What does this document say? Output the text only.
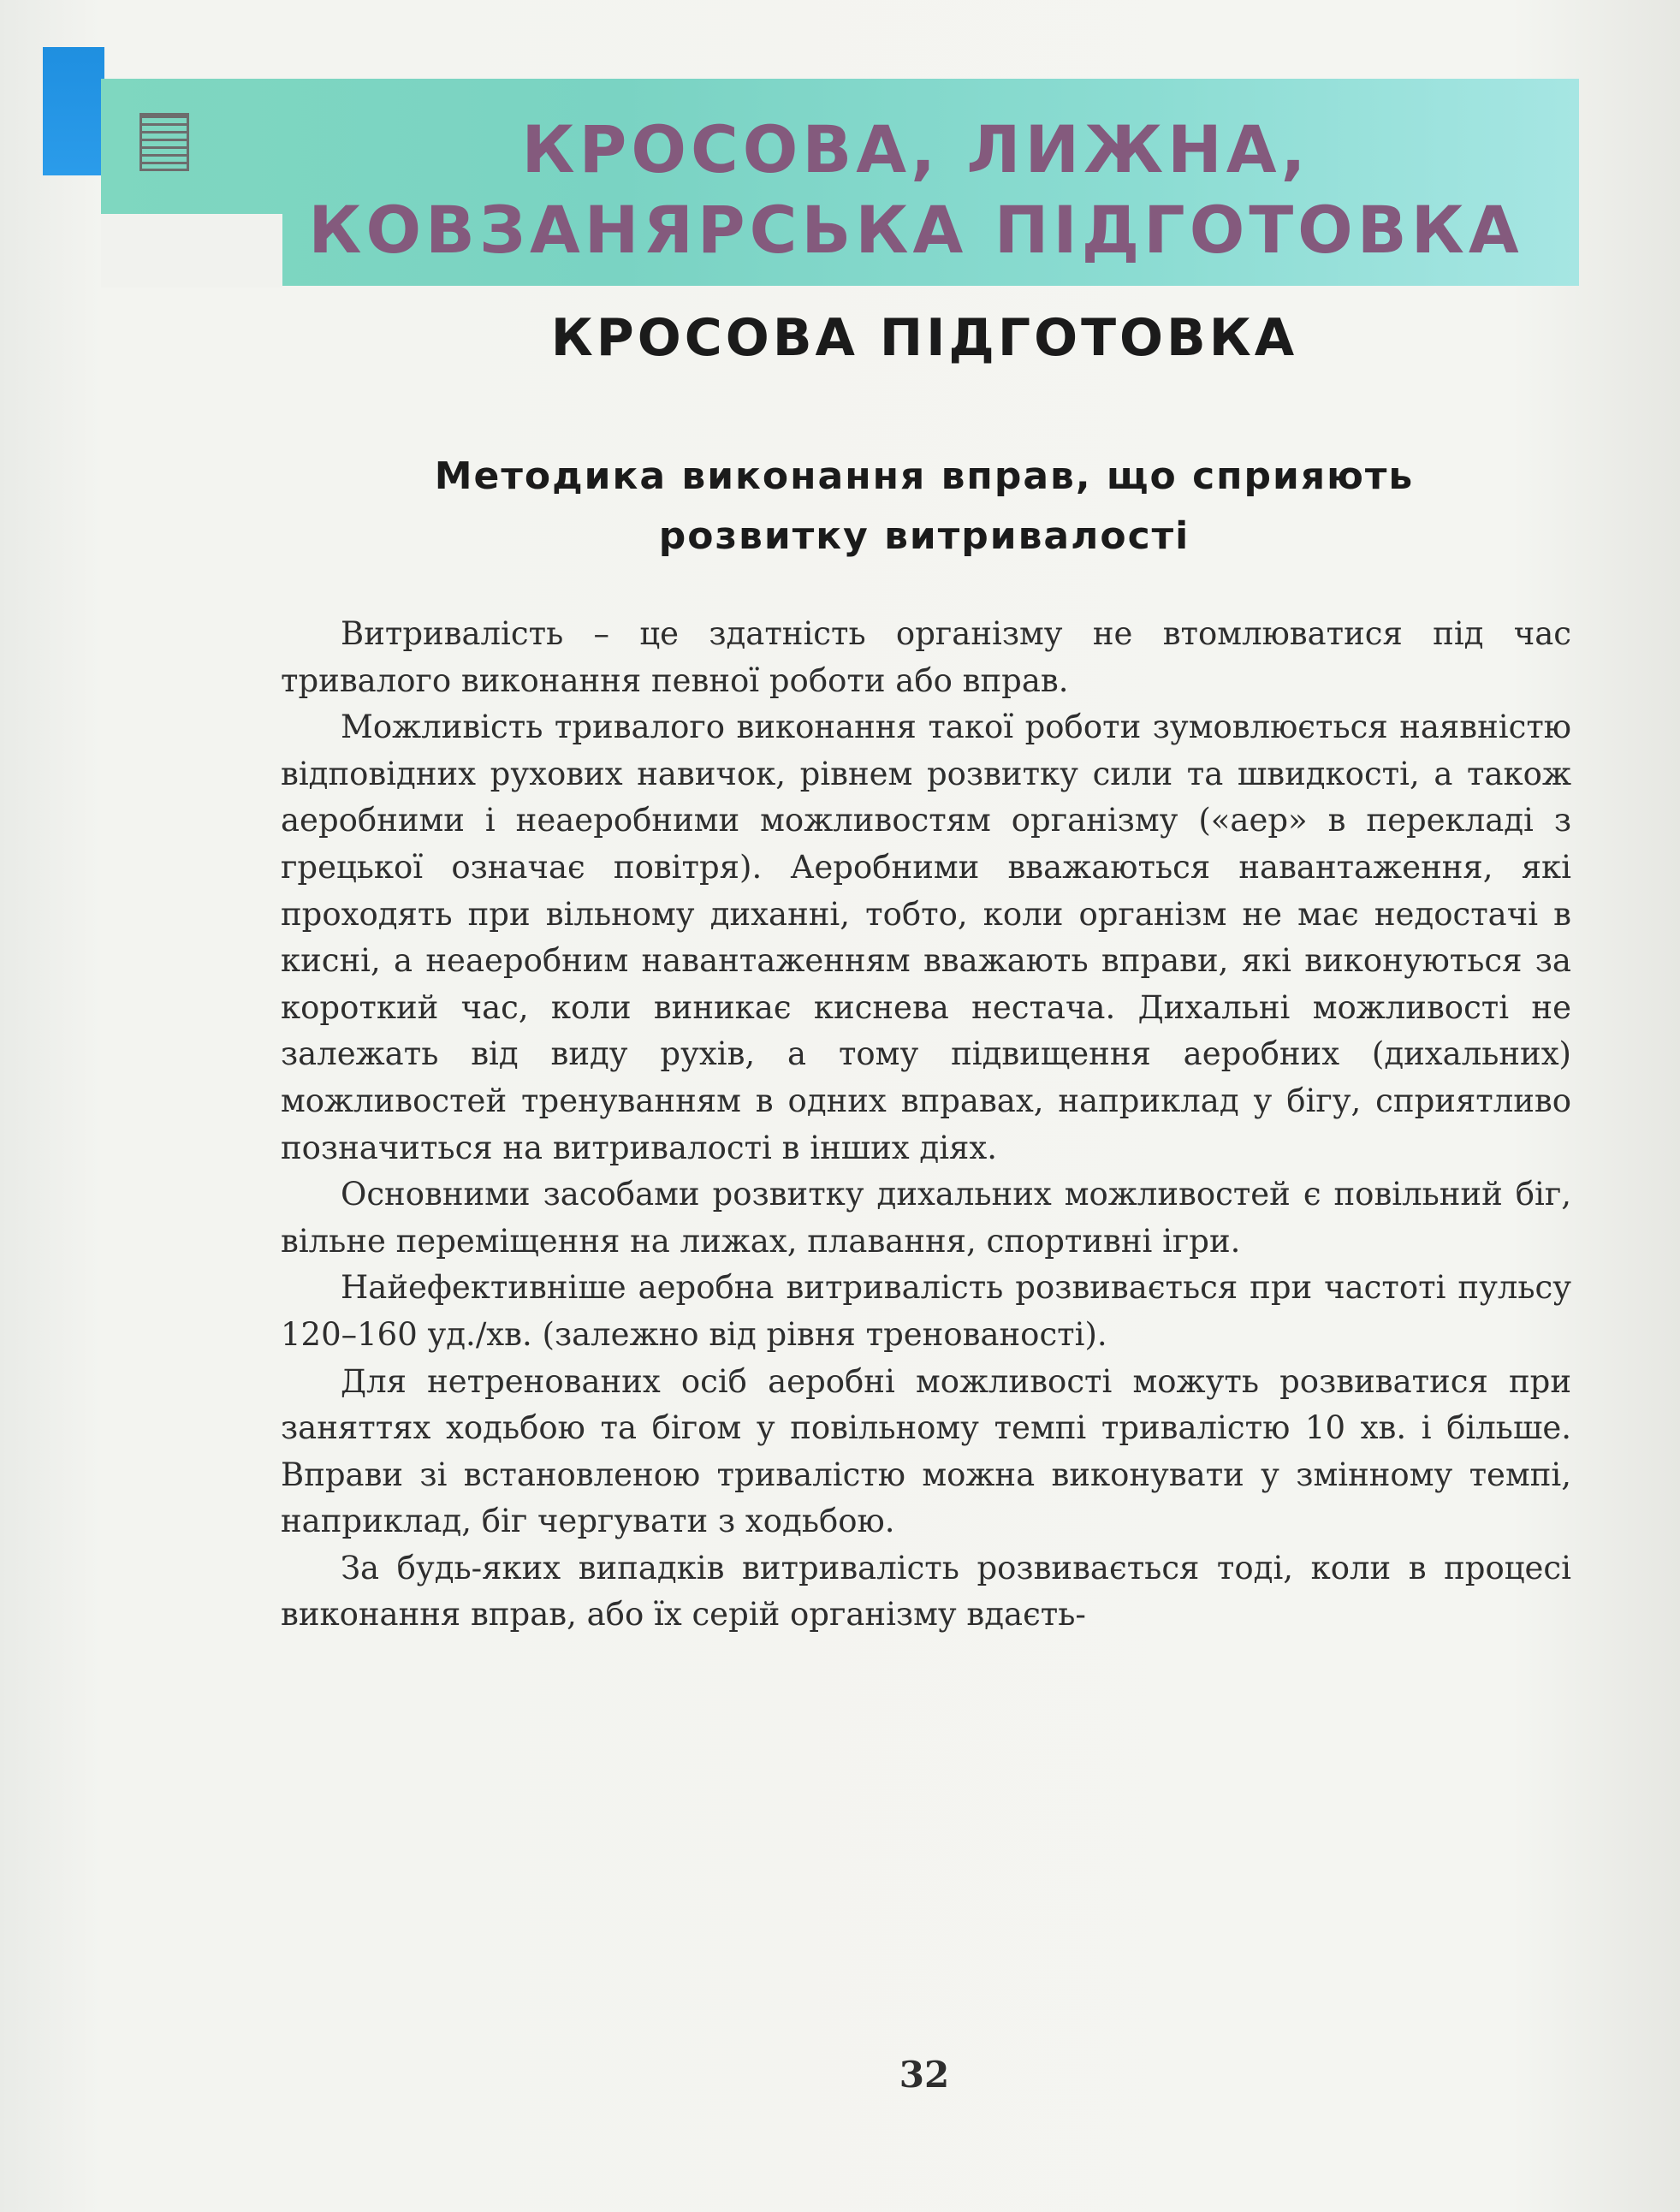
КРОСОВА, ЛИЖНА,
КОВЗАНЯРСЬКА ПІДГОТОВКА
КРОСОВА ПІДГОТОВКА
Методика виконання вправ, що сприяють
розвитку витривалості

Витривалість – це здатність організму не втомлюватися під час тривалого виконання певної роботи або вправ.

Можливість тривалого виконання такої роботи зумовлюється наявністю відповідних рухових навичок, рівнем розвитку сили та швидкості, а також аеробними і неаеробними можливостям організму («аер» в перекладі з грецької означає повітря). Аеробними вважаються навантаження, які проходять при вільному диханні, тобто, коли організм не має недостачі в кисні, а неаеробним навантаженням вважають вправи, які виконуються за короткий час, коли виникає киснева нестача. Дихальні можливості не залежать від виду рухів, а тому підвищення аеробних (дихальних) можливостей тренуванням в одних вправах, наприклад у бігу, сприятливо позначиться на витривалості в інших діях.

Основними засобами розвитку дихальних можливостей є повільний біг, вільне переміщення на лижах, плавання, спортивні ігри.

Найефективніше аеробна витривалість розвивається при частоті пульсу 120–160 уд./хв. (залежно від рівня тренованості).

Для нетренованих осіб аеробні можливості можуть розвиватися при заняттях ходьбою та бігом у повільному темпі тривалістю 10 хв. і більше. Вправи зі встановленою тривалістю можна виконувати у змінному темпі, наприклад, біг чергувати з ходьбою.

За будь-яких випадків витривалість розвивається тоді, коли в процесі виконання вправ, або їх серій організму вдаєть-

32
